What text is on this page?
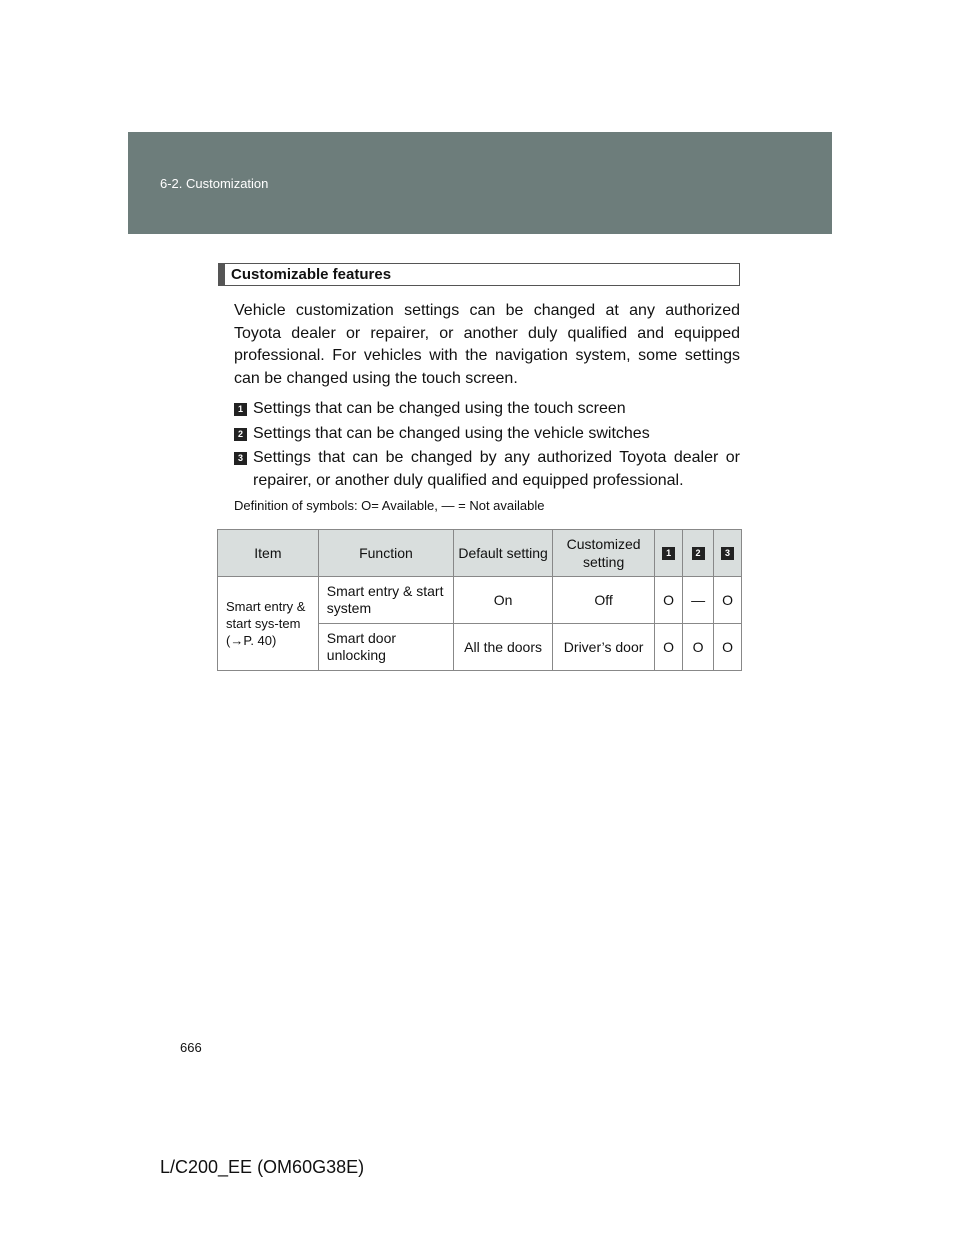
6-2. Customization
Customizable features

Vehicle customization settings can be changed at any authorized Toyota dealer or repairer, or another duly qualified and equipped professional. For vehicles with the navigation system, some settings can be changed using the touch screen.

1 Settings that can be changed using the touch screen
2 Settings that can be changed using the vehicle switches
3 Settings that can be changed by any authorized Toyota dealer or repairer, or another duly qualified and equipped professional.
Definition of symbols: O= Available, — = Not available
Item	Function	Default setting	Customized setting	1	2	3

Smart entry & start sys-tem (→P. 40)	Smart entry & start system	On	Off	O	—	O
	Smart door unlocking	All the doors	Driver’s door	O	O	O
666
L/C200_EE (OM60G38E)
